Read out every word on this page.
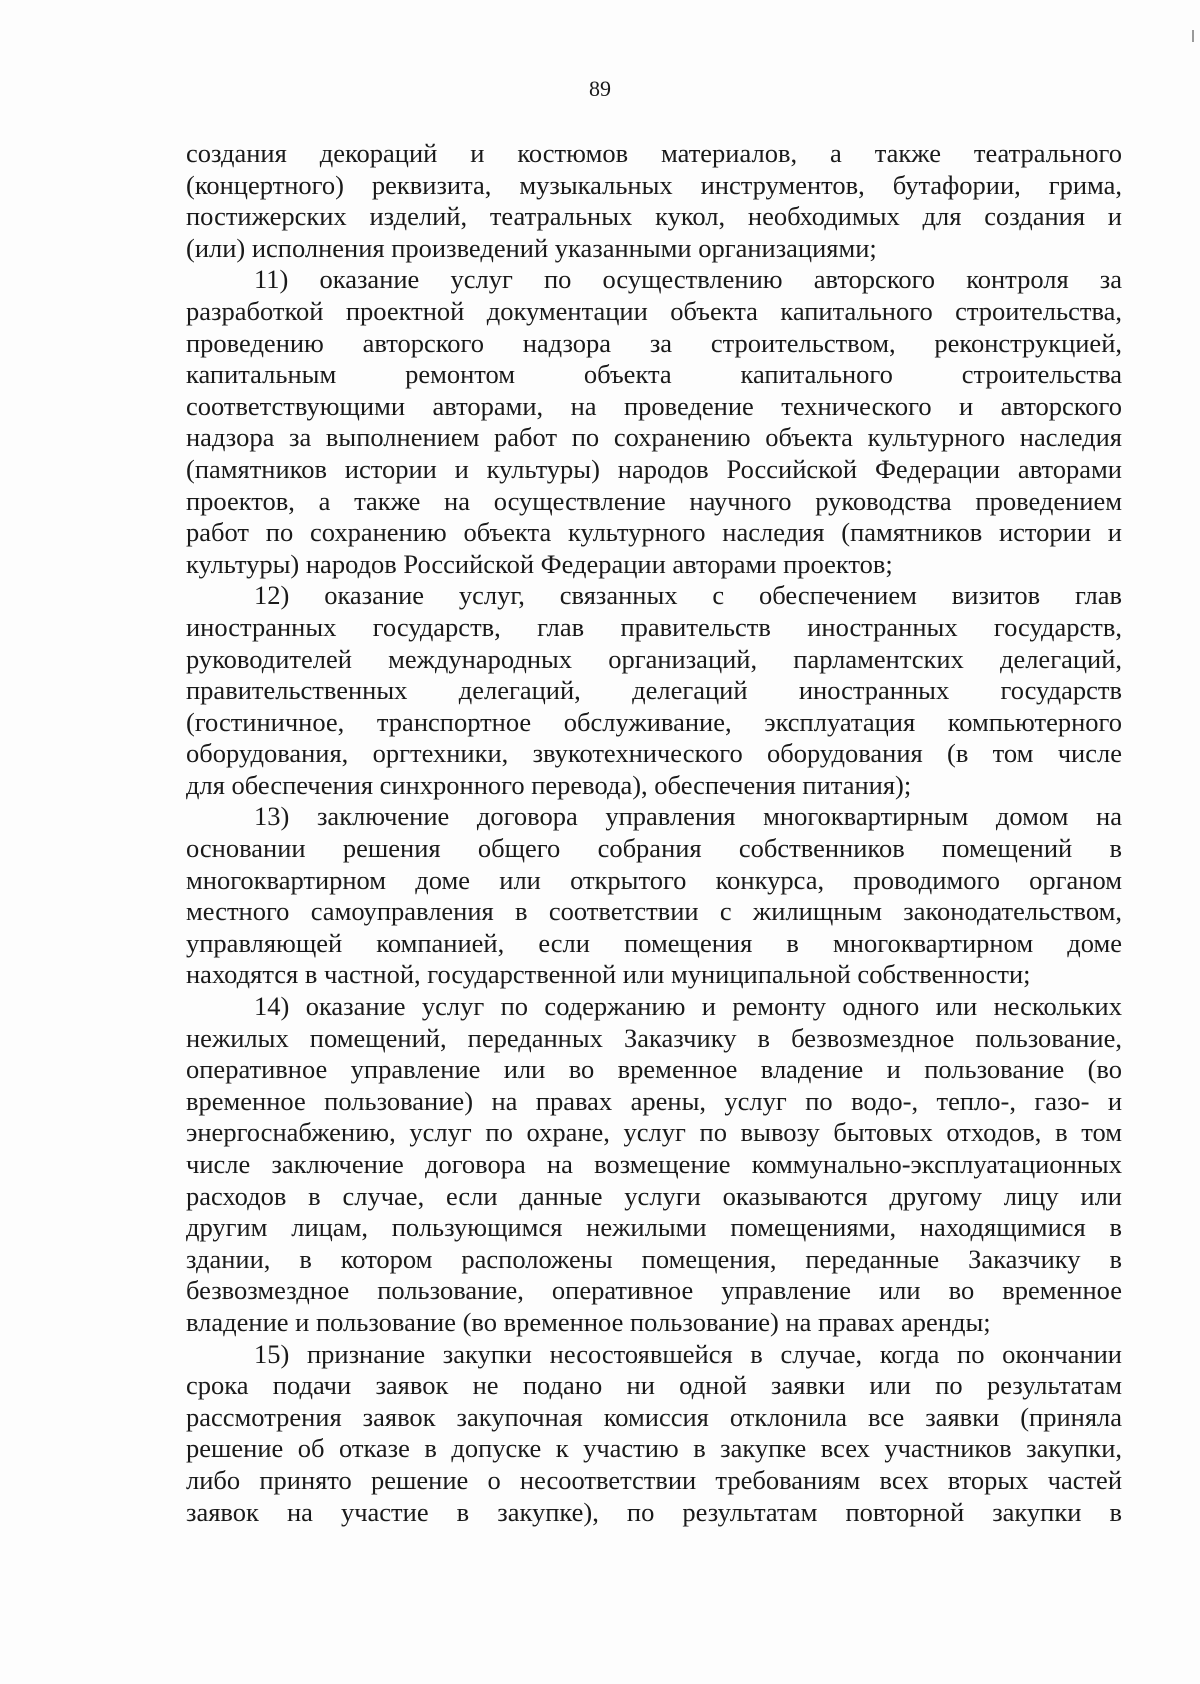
89
создания декораций и костюмов материалов, а также театрального
(концертного) реквизита, музыкальных инструментов, бутафории, грима,
постижерских изделий, театральных кукол, необходимых для создания и
(или) исполнения произведений указанными организациями;
11) оказание услуг по осуществлению авторского контроля за
разработкой проектной документации объекта капитального строительства,
проведению авторского надзора за строительством, реконструкцией,
капитальным ремонтом объекта капитального строительства
соответствующими авторами, на проведение технического и авторского
надзора за выполнением работ по сохранению объекта культурного наследия
(памятников истории и культуры) народов Российской Федерации авторами
проектов, а также на осуществление научного руководства проведением
работ по сохранению объекта культурного наследия (памятников истории и
культуры) народов Российской Федерации авторами проектов;
12) оказание услуг, связанных с обеспечением визитов глав
иностранных государств, глав правительств иностранных государств,
руководителей международных организаций, парламентских делегаций,
правительственных делегаций, делегаций иностранных государств
(гостиничное, транспортное обслуживание, эксплуатация компьютерного
оборудования, оргтехники, звукотехнического оборудования (в том числе
для обеспечения синхронного перевода), обеспечения питания);
13) заключение договора управления многоквартирным домом на
основании решения общего собрания собственников помещений в
многоквартирном доме или открытого конкурса, проводимого органом
местного самоуправления в соответствии с жилищным законодательством,
управляющей компанией, если помещения в многоквартирном доме
находятся в частной, государственной или муниципальной собственности;
14) оказание услуг по содержанию и ремонту одного или нескольких
нежилых помещений, переданных Заказчику в безвозмездное пользование,
оперативное управление или во временное владение и пользование (во
временное пользование) на правах арены, услуг по водо-, тепло-, газо- и
энергоснабжению, услуг по охране, услуг по вывозу бытовых отходов, в том
числе заключение договора на возмещение коммунально-эксплуатационных
расходов в случае, если данные услуги оказываются другому лицу или
другим лицам, пользующимся нежилыми помещениями, находящимися в
здании, в котором расположены помещения, переданные Заказчику в
безвозмездное пользование, оперативное управление или во временное
владение и пользование (во временное пользование) на правах аренды;
15) признание закупки несостоявшейся в случае, когда по окончании
срока подачи заявок не подано ни одной заявки или по результатам
рассмотрения заявок закупочная комиссия отклонила все заявки (приняла
решение об отказе в допуске к участию в закупке всех участников закупки,
либо принято решение о несоответствии требованиям всех вторых частей
заявок на участие в закупке), по результатам повторной закупки в
